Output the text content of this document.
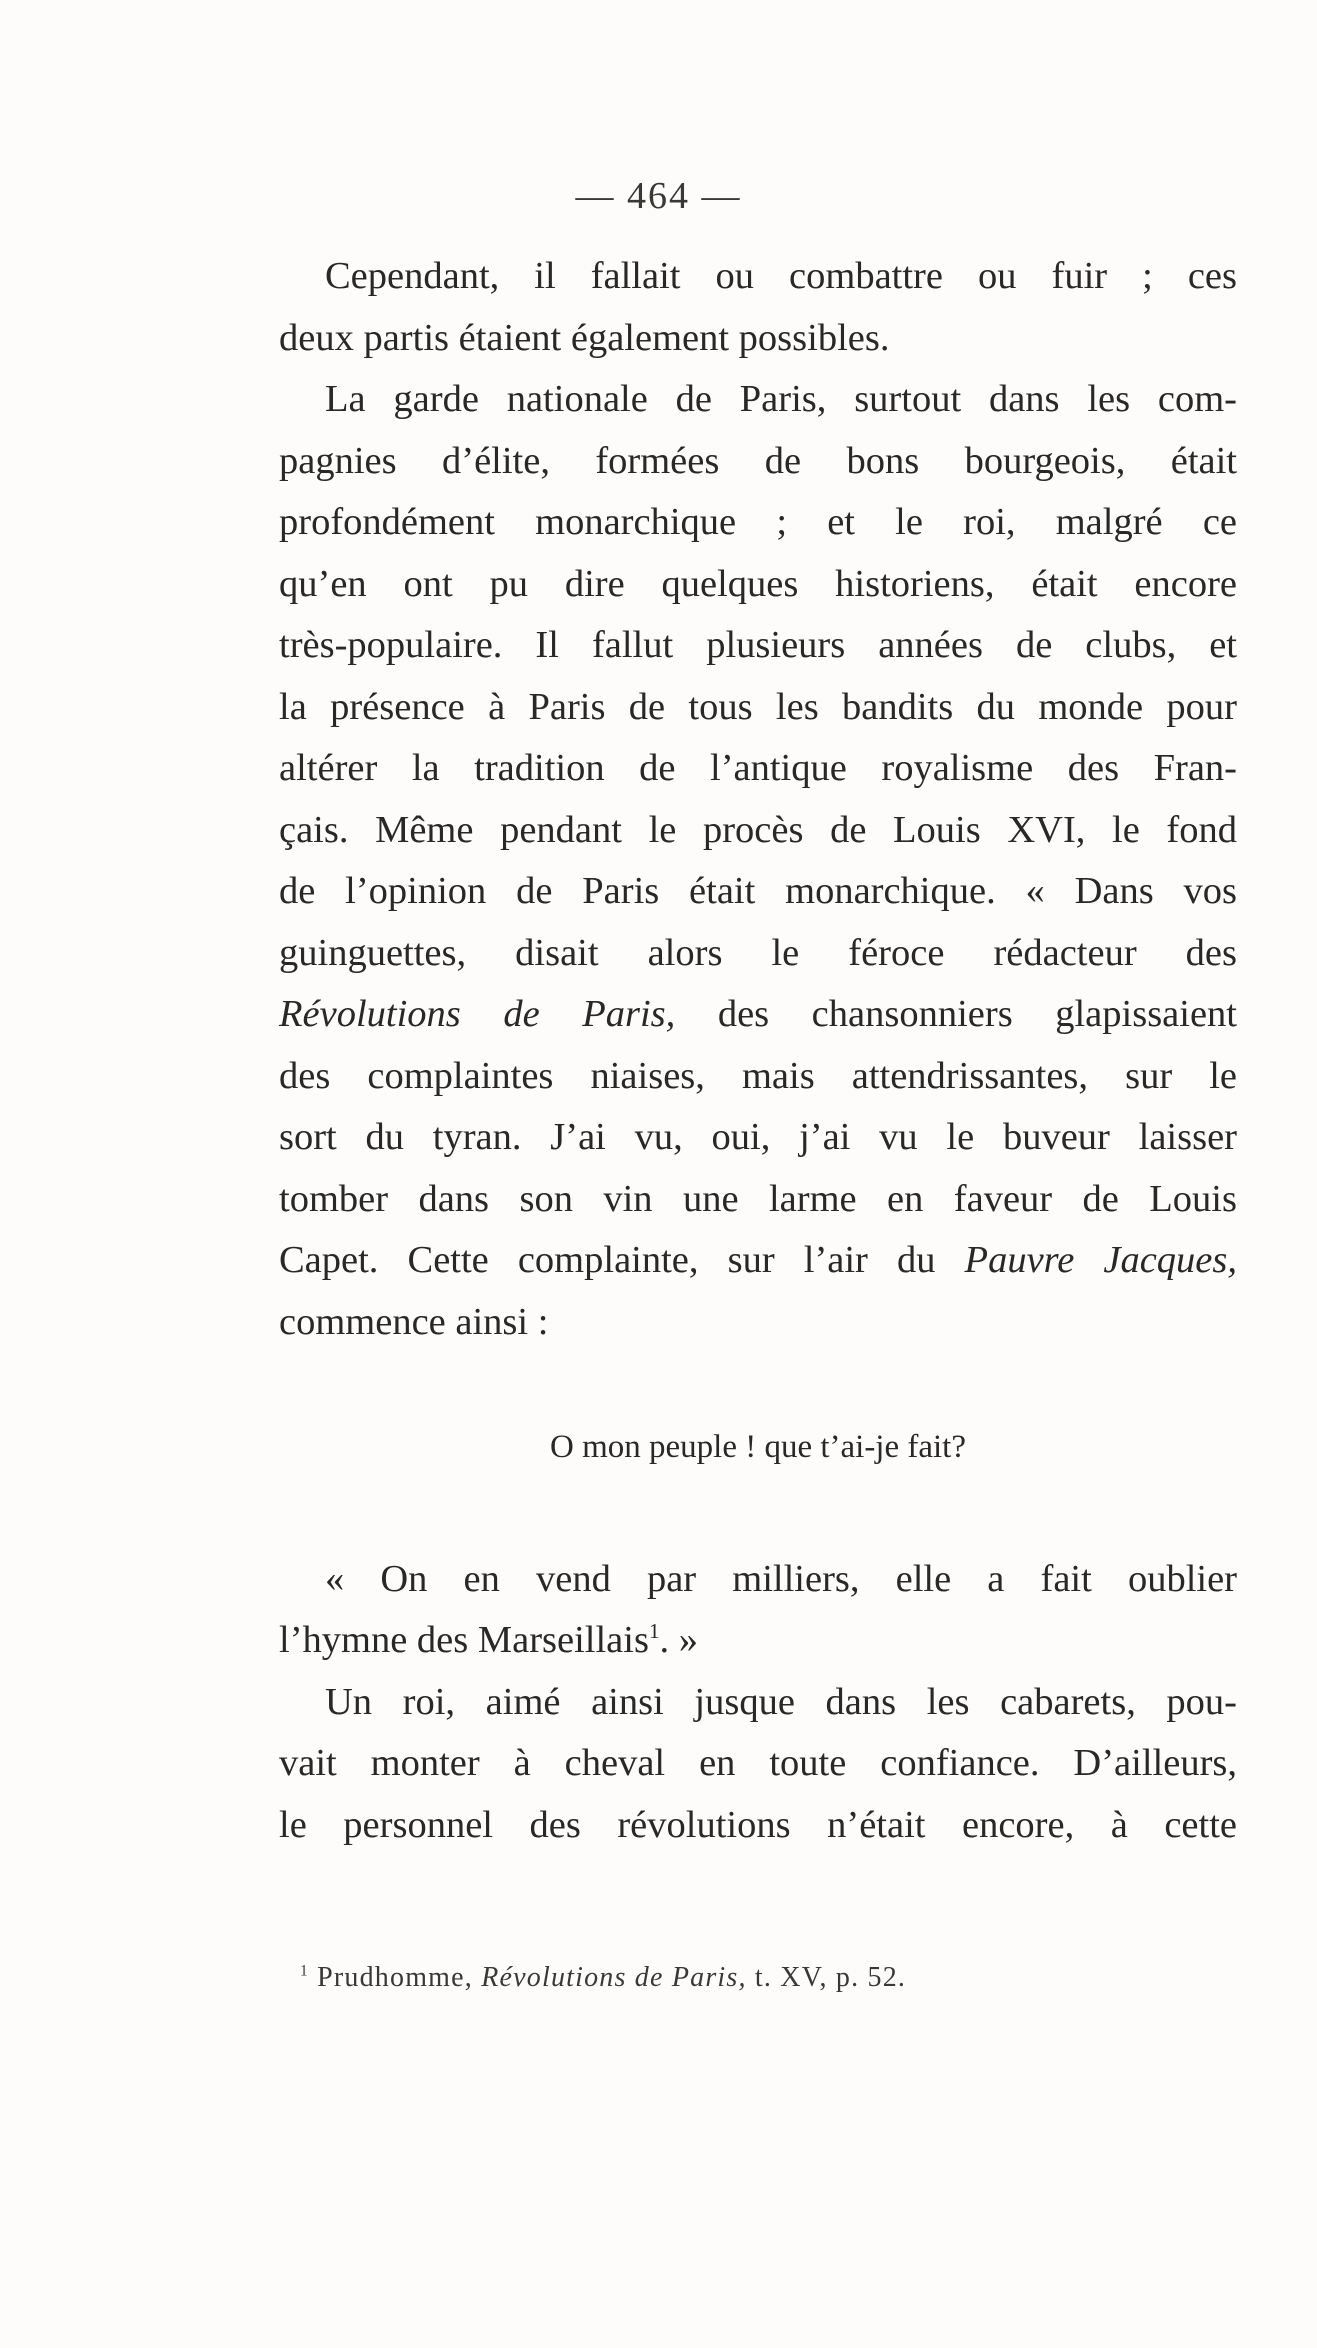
— 464 —
Cependant, il fallait ou combattre ou fuir ; ces
deux partis étaient également possibles.
La garde nationale de Paris, surtout dans les com-
pagnies d’élite, formées de bons bourgeois, était
profondément monarchique ; et le roi, malgré ce
qu’en ont pu dire quelques historiens, était encore
très-populaire. Il fallut plusieurs années de clubs, et
la présence à Paris de tous les bandits du monde pour
altérer la tradition de l’antique royalisme des Fran-
çais. Même pendant le procès de Louis XVI, le fond
de l’opinion de Paris était monarchique. « Dans vos
guinguettes, disait alors le féroce rédacteur des
Révolutions de Paris, des chansonniers glapissaient
des complaintes niaises, mais attendrissantes, sur le
sort du tyran. J’ai vu, oui, j’ai vu le buveur laisser
tomber dans son vin une larme en faveur de Louis
Capet. Cette complainte, sur l’air du Pauvre Jacques,
commence ainsi :
O mon peuple ! que t’ai-je fait?
« On en vend par milliers, elle a fait oublier
l’hymne des Marseillais$^1$. »
Un roi, aimé ainsi jusque dans les cabarets, pou-
vait monter à cheval en toute confiance. D’ailleurs,
le personnel des révolutions n’était encore, à cette
$^1$ Prudhomme, Révolutions de Paris, t. XV, p. 52.
